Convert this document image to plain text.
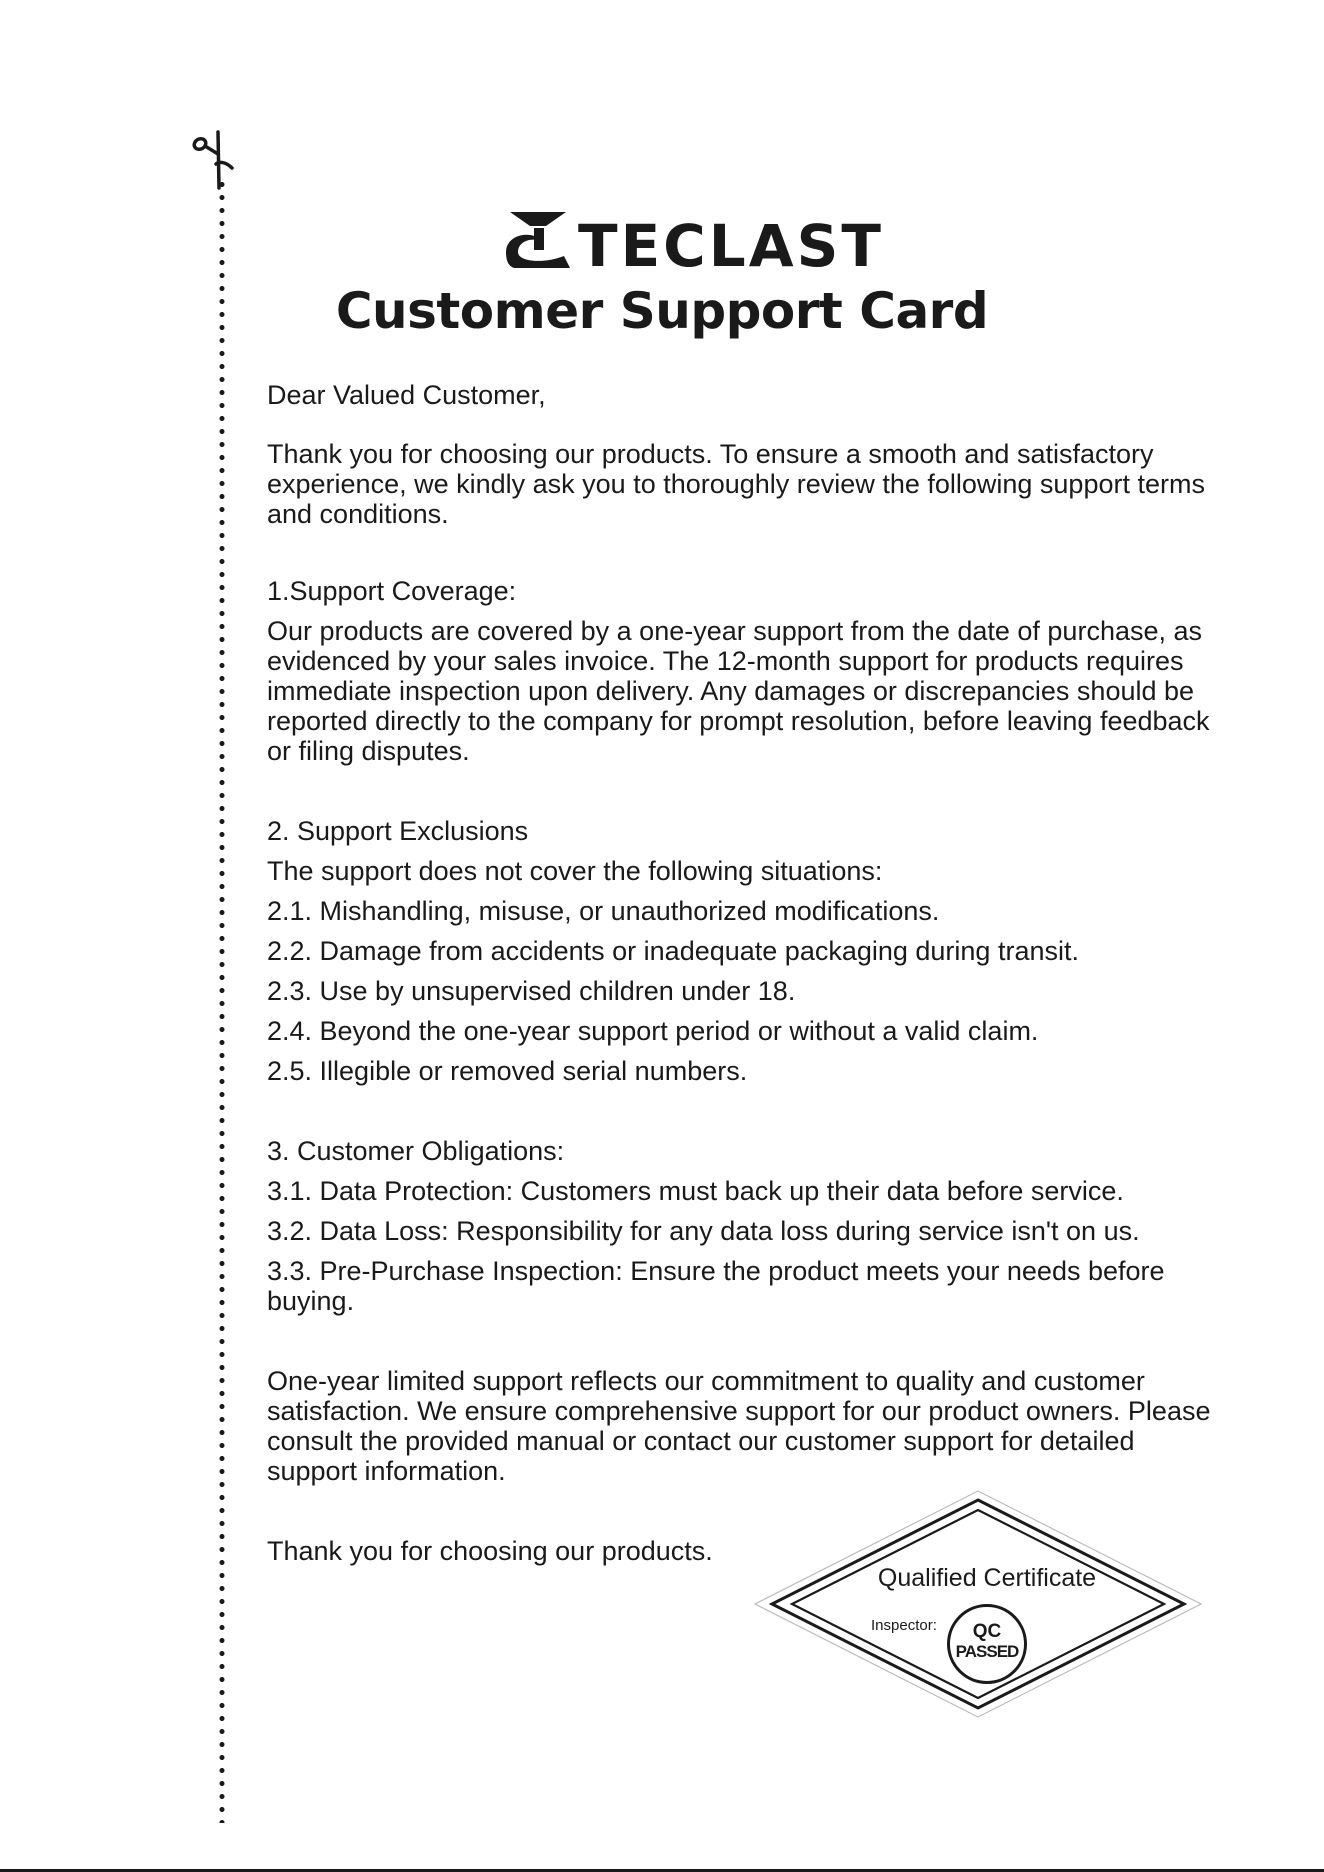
TECLAST
Customer Support Card

Dear Valued Customer,

Thank you for choosing our products. To ensure a smooth and satisfactory experience, we kindly ask you to thoroughly review the following support terms and conditions.

1.Support Coverage:

Our products are covered by a one-year support from the date of purchase, as evidenced by your sales invoice. The 12-month support for products requires immediate inspection upon delivery. Any damages or discrepancies should be reported directly to the company for prompt resolution, before leaving feedback or filing disputes.

2. Support Exclusions

The support does not cover the following situations:

2.1. Mishandling, misuse, or unauthorized modifications.

2.2. Damage from accidents or inadequate packaging during transit.

2.3. Use by unsupervised children under 18.

2.4. Beyond the one-year support period or without a valid claim.

2.5. Illegible or removed serial numbers.

3. Customer Obligations:

3.1. Data Protection: Customers must back up their data before service.

3.2. Data Loss: Responsibility for any data loss during service isn't on us.

3.3. Pre-Purchase Inspection: Ensure the product meets your needs before buying.

One-year limited support reflects our commitment to quality and customer satisfaction. We ensure comprehensive support for our product owners. Please consult the provided manual or contact our customer support for detailed support information.

Thank you for choosing our products.

Qualified Certificate
Inspector:	QC
PASSED
